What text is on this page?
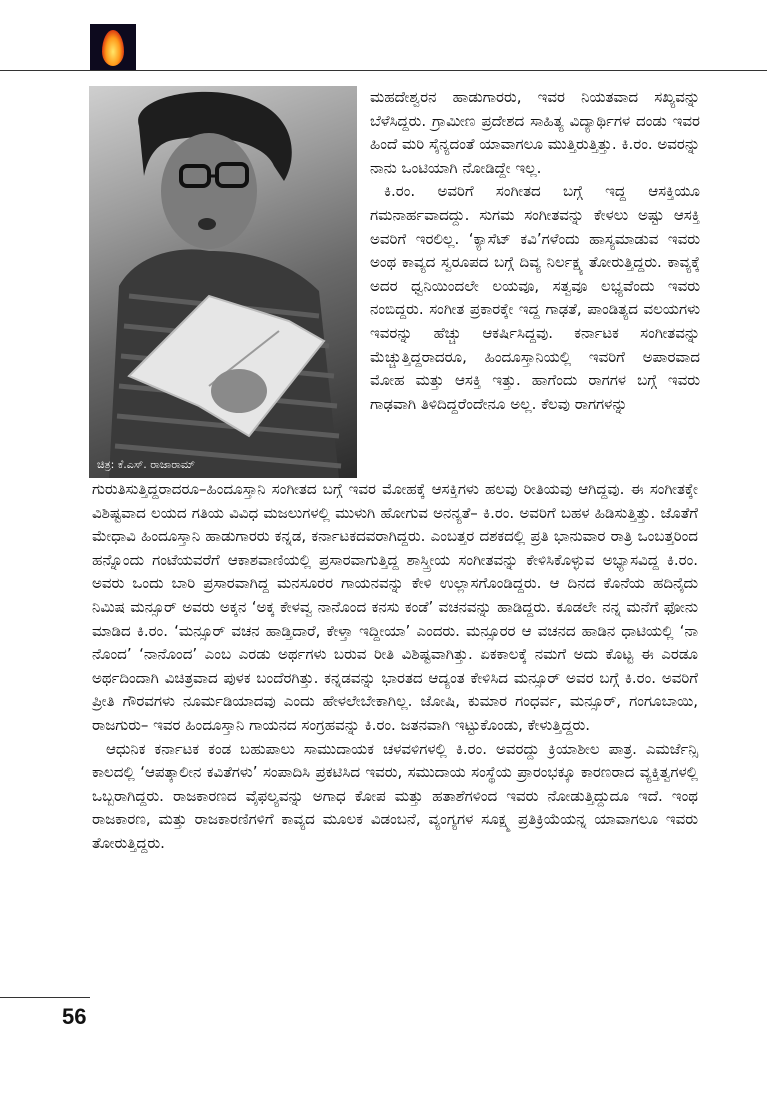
ಚಿತ್ರ: ಕೆ.ಎಸ್. ರಾಜಾರಾಮ್

ಮಹದೇಶ್ವರನ ಹಾಡುಗಾರರು, ಇವರ ನಿಯತವಾದ ಸಖ್ಯವನ್ನು ಬೆಳೆಸಿದ್ದರು. ಗ್ರಾಮೀಣ ಪ್ರದೇಶದ ಸಾಹಿತ್ಯ ವಿದ್ಯಾರ್ಥಿಗಳ ದಂಡು ಇವರ ಹಿಂದೆ ಮರಿ ಸೈನ್ಯದಂತೆ ಯಾವಾಗಲೂ ಮುತ್ತಿರುತ್ತಿತ್ತು. ಕಿ.ರಂ. ಅವರನ್ನು ನಾನು ಒಂಟಿಯಾಗಿ ನೋಡಿದ್ದೇ ಇಲ್ಲ.

ಕಿ.ರಂ. ಅವರಿಗೆ ಸಂಗೀತದ ಬಗ್ಗೆ ಇದ್ದ ಆಸಕ್ತಿಯೂ ಗಮನಾರ್ಹವಾದದ್ದು. ಸುಗಮ ಸಂಗೀತವನ್ನು ಕೇಳಲು ಅಷ್ಟು ಆಸಕ್ತಿ ಅವರಿಗೆ ಇರಲಿಲ್ಲ. ‘ಕ್ಯಾಸೆಟ್ ಕವಿ’ಗಳೆಂದು ಹಾಸ್ಯಮಾಡುವ ಇವರು ಅಂಥ ಕಾವ್ಯದ ಸ್ವರೂಪದ ಬಗ್ಗೆ ದಿವ್ಯ ನಿರ್ಲಕ್ಷ್ಯ ತೋರುತ್ತಿದ್ದರು. ಕಾವ್ಯಕ್ಕೆ ಅದರ ಧ್ವನಿಯಿಂದಲೇ ಲಯವೂ, ಸತ್ವವೂ ಲಭ್ಯವೆಂದು ಇವರು ನಂಬಿದ್ದರು. ಸಂಗೀತ ಪ್ರಕಾರಕ್ಕೇ ಇದ್ದ ಗಾಢತೆ, ಪಾಂಡಿತ್ಯದ ವಲಯಗಳು ಇವರನ್ನು ಹೆಚ್ಚು ಆಕರ್ಷಿಸಿದ್ದವು. ಕರ್ನಾಟಕ ಸಂಗೀತವನ್ನು ಮೆಚ್ಚುತ್ತಿದ್ದರಾದರೂ, ಹಿಂದೂಸ್ತಾನಿಯಲ್ಲಿ ಇವರಿಗೆ ಅಪಾರವಾದ ಮೋಹ ಮತ್ತು ಆಸಕ್ತಿ ಇತ್ತು. ಹಾಗೆಂದು ರಾಗಗಳ ಬಗ್ಗೆ ಇವರು ಗಾಢವಾಗಿ ತಿಳಿದಿದ್ದರೆಂದೇನೂ ಅಲ್ಲ. ಕೆಲವು ರಾಗಗಳನ್ನು

ಗುರುತಿಸುತ್ತಿದ್ದರಾದರೂ–ಹಿಂದೂಸ್ತಾನಿ ಸಂಗೀತದ ಬಗ್ಗೆ ಇವರ ಮೋಹಕ್ಕೆ ಆಸಕ್ತಿಗಳು ಹಲವು ರೀತಿಯವು ಆಗಿದ್ದವು. ಈ ಸಂಗೀತಕ್ಕೇ ವಿಶಿಷ್ಟವಾದ ಲಯದ ಗತಿಯ ವಿವಿಧ ಮಜಲುಗಳಲ್ಲಿ ಮುಳುಗಿ ಹೋಗುವ ಅನನ್ಯತೆ– ಕಿ.ರಂ. ಅವರಿಗೆ ಬಹಳ ಹಿಡಿಸುತ್ತಿತ್ತು. ಜೊತೆಗೆ ಮೇಧಾವಿ ಹಿಂದೂಸ್ತಾನಿ ಹಾಡುಗಾರರು ಕನ್ನಡ, ಕರ್ನಾಟಕದವರಾಗಿದ್ದರು. ಎಂಬತ್ತರ ದಶಕದಲ್ಲಿ ಪ್ರತಿ ಭಾನುವಾರ ರಾತ್ರಿ ಒಂಬತ್ತರಿಂದ ಹನ್ನೊಂದು ಗಂಟೆಯವರೆಗೆ ಆಕಾಶವಾಣಿಯಲ್ಲಿ ಪ್ರಸಾರವಾಗುತ್ತಿದ್ದ ಶಾಸ್ತ್ರೀಯ ಸಂಗೀತವನ್ನು ಕೇಳಿಸಿಕೊಳ್ಳುವ ಅಭ್ಯಾಸವಿದ್ದ ಕಿ.ರಂ. ಅವರು ಒಂದು ಬಾರಿ ಪ್ರಸಾರವಾಗಿದ್ದ ಮನಸೂರರ ಗಾಯನವನ್ನು ಕೇಳಿ ಉಲ್ಲಾಸಗೊಂಡಿದ್ದರು. ಆ ದಿನದ ಕೊನೆಯ ಹದಿನೈದು ನಿಮಿಷ ಮನ್ಸೂರ್ ಅವರು ಅಕ್ಕನ ‘ಅಕ್ಕ ಕೇಳವ್ವ ನಾನೊಂದ ಕನಸು ಕಂಡೆ’ ವಚನವನ್ನು ಹಾಡಿದ್ದರು. ಕೂಡಲೇ ನನ್ನ ಮನೆಗೆ ಫೋನು ಮಾಡಿದ ಕಿ.ರಂ. ‘ಮನ್ಸೂರ್ ವಚನ ಹಾಡ್ತಿದಾರೆ, ಕೇಳ್ತಾ ಇದ್ದೀಯಾ’ ಎಂದರು. ಮನ್ಸೂರರ ಆ ವಚನದ ಹಾಡಿನ ಧಾಟಿಯಲ್ಲಿ ‘ನಾ ನೊಂದ’ ‘ನಾನೊಂದ’ ಎಂಬ ಎರಡು ಅರ್ಥಗಳು ಬರುವ ರೀತಿ ವಿಶಿಷ್ಟವಾಗಿತ್ತು. ಏಕಕಾಲಕ್ಕೆ ನಮಗೆ ಅದು ಕೊಟ್ಟ ಈ ಎರಡೂ ಅರ್ಥದಿಂದಾಗಿ ವಿಚಿತ್ರವಾದ ಪುಳಕ ಬಂದೆರಗಿತ್ತು. ಕನ್ನಡವನ್ನು ಭಾರತದ ಆದ್ಯಂತ ಕೇಳಿಸಿದ ಮನ್ಸೂರ್ ಅವರ ಬಗ್ಗೆ ಕಿ.ರಂ. ಅವರಿಗೆ ಪ್ರೀತಿ ಗೌರವಗಳು ನೂರ್ಮಡಿಯಾದವು ಎಂದು ಹೇಳಲೇಬೇಕಾಗಿಲ್ಲ. ಜೋಷಿ, ಕುಮಾರ ಗಂಧರ್ವ, ಮನ್ಸೂರ್, ಗಂಗೂಬಾಯಿ, ರಾಜಗುರು– ಇವರ ಹಿಂದೂಸ್ತಾನಿ ಗಾಯನದ ಸಂಗ್ರಹವನ್ನು ಕಿ.ರಂ. ಜತನವಾಗಿ ಇಟ್ಟುಕೊಂಡು, ಕೇಳುತ್ತಿದ್ದರು.

ಆಧುನಿಕ ಕರ್ನಾಟಕ ಕಂಡ ಬಹುಪಾಲು ಸಾಮುದಾಯಕ ಚಳವಳಿಗಳಲ್ಲಿ ಕಿ.ರಂ. ಅವರದ್ದು ಕ್ರಿಯಾಶೀಲ ಪಾತ್ರ. ಎಮರ್ಜೆನ್ಸಿ ಕಾಲದಲ್ಲಿ ‘ಆಪತ್ಕಾಲೀನ ಕವಿತೆಗಳು’ ಸಂಪಾದಿಸಿ ಪ್ರಕಟಿಸಿದ ಇವರು, ಸಮುದಾಯ ಸಂಸ್ಥೆಯ ಪ್ರಾರಂಭಕ್ಕೂ ಕಾರಣರಾದ ವ್ಯಕ್ತಿತ್ವಗಳಲ್ಲಿ ಒಬ್ಬರಾಗಿದ್ದರು. ರಾಜಕಾರಣದ ವೈಫಲ್ಯವನ್ನು ಅಗಾಧ ಕೋಪ ಮತ್ತು ಹತಾಶೆಗಳಿಂದ ಇವರು ನೋಡುತ್ತಿದ್ದುದೂ ಇದೆ. ಇಂಥ ರಾಜಕಾರಣ, ಮತ್ತು ರಾಜಕಾರಣಿಗಳಿಗೆ ಕಾವ್ಯದ ಮೂಲಕ ವಿಡಂಬನೆ, ವ್ಯಂಗ್ಯಗಳ ಸೂಕ್ಷ್ಮ ಪ್ರತಿಕ್ರಿಯೆಯನ್ನ ಯಾವಾಗಲೂ ಇವರು ತೋರುತ್ತಿದ್ದರು.

56
